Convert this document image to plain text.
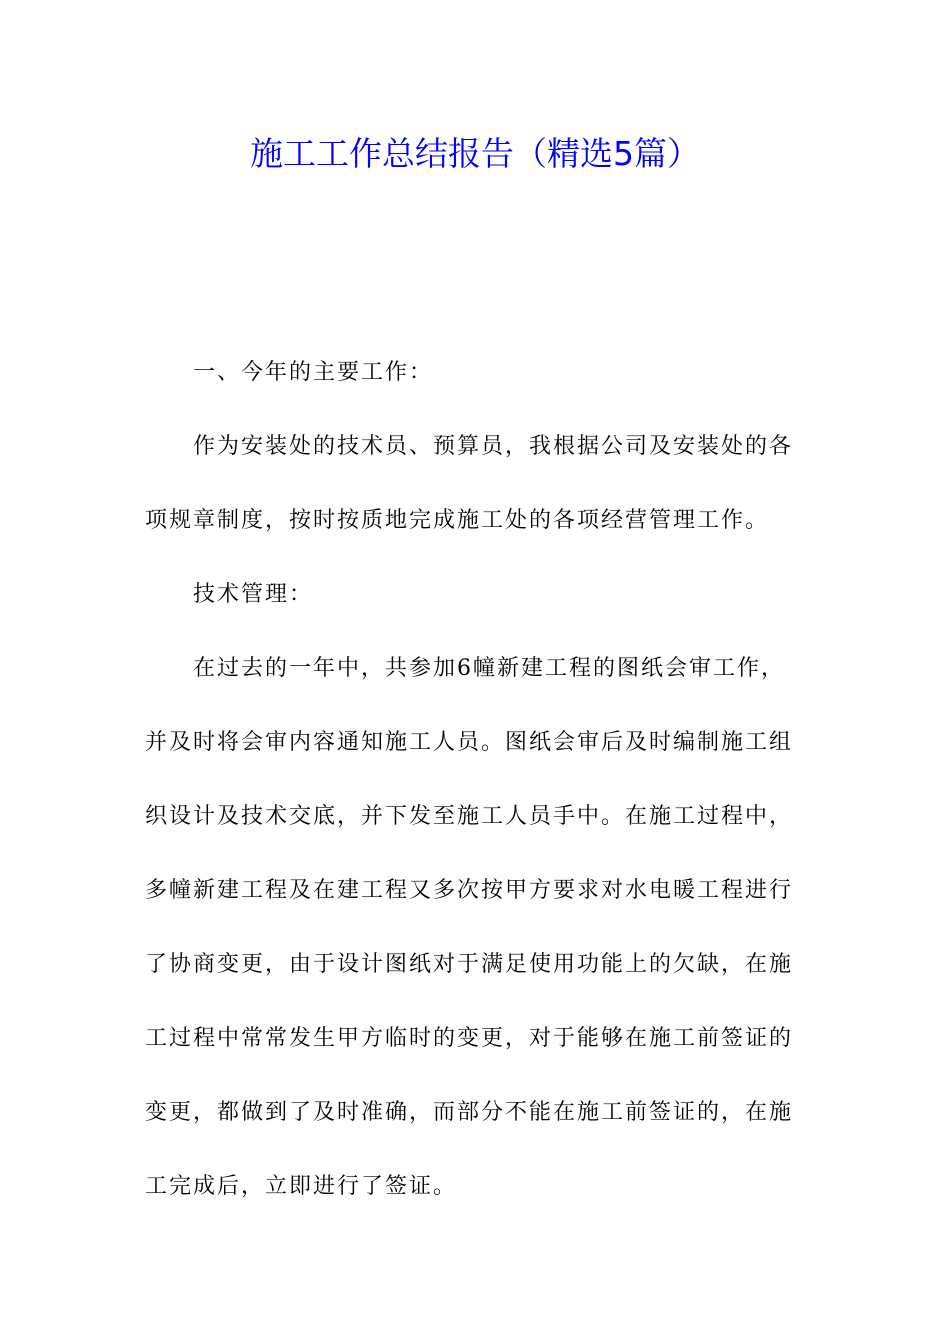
施工工作总结报告（精选5篇）

一、今年的主要工作：

作为安装处的技术员、预算员，我根据公司及安装处的各项规章制度，按时按质地完成施工处的各项经营管理工作。

技术管理：

在过去的一年中，共参加6幢新建工程的图纸会审工作，并及时将会审内容通知施工人员。图纸会审后及时编制施工组织设计及技术交底，并下发至施工人员手中。在施工过程中，多幢新建工程及在建工程又多次按甲方要求对水电暖工程进行了协商变更，由于设计图纸对于满足使用功能上的欠缺，在施工过程中常常发生甲方临时的变更，对于能够在施工前签证的变更，都做到了及时准确，而部分不能在施工前签证的，在施工完成后，立即进行了签证。
